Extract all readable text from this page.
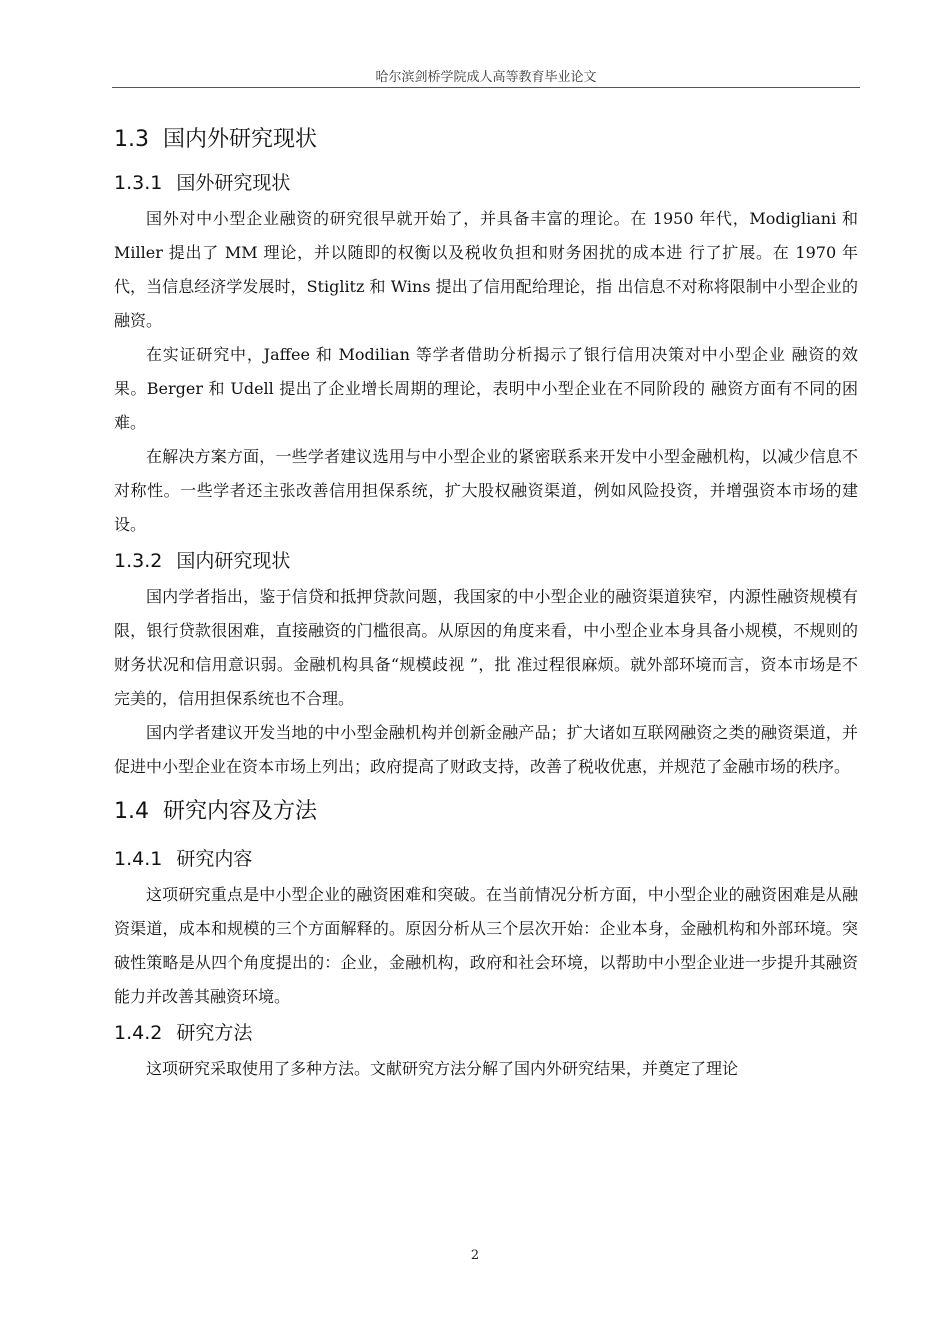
哈尔滨剑桥学院成人高等教育毕业论文
1.3 国内外研究现状
1.3.1 国外研究现状

国外对中小型企业融资的研究很早就开始了，并具备丰富的理论。在 1950 年代，Modigliani 和 Miller 提出了 MM 理论，并以随即的权衡以及税收负担和财务困扰的成本进 行了扩展。在 1970 年代，当信息经济学发展时，Stiglitz 和 Wins 提出了信用配给理论，指 出信息不对称将限制中小型企业的融资。

在实证研究中，Jaffee 和 Modilian 等学者借助分析揭示了银行信用决策对中小型企业 融资的效果。Berger 和 Udell 提出了企业增长周期的理论，表明中小型企业在不同阶段的 融资方面有不同的困难。

在解决方案方面，一些学者建议选用与中小型企业的紧密联系来开发中小型金融机构，以减少信息不对称性。一些学者还主张改善信用担保系统，扩大股权融资渠道，例如风险投资，并增强资本市场的建设。

1.3.2 国内研究现状

国内学者指出，鉴于信贷和抵押贷款问题，我国家的中小型企业的融资渠道狭窄，内源性融资规模有限，银行贷款很困难，直接融资的门槛很高。从原因的角度来看，中小型企业本身具备小规模，不规则的财务状况和信用意识弱。金融机构具备“规模歧视 ”，批 准过程很麻烦。就外部环境而言，资本市场是不完美的，信用担保系统也不合理。

国内学者建议开发当地的中小型金融机构并创新金融产品；扩大诸如互联网融资之类的融资渠道，并促进中小型企业在资本市场上列出；政府提高了财政支持，改善了税收优惠，并规范了金融市场的秩序。

1.4 研究内容及方法
1.4.1 研究内容

这项研究重点是中小型企业的融资困难和突破。在当前情况分析方面，中小型企业的融资困难是从融资渠道，成本和规模的三个方面解释的。原因分析从三个层次开始：企业本身，金融机构和外部环境。突破性策略是从四个角度提出的：企业，金融机构，政府和社会环境，以帮助中小型企业进一步提升其融资能力并改善其融资环境。

1.4.2 研究方法

这项研究采取使用了多种方法。文献研究方法分解了国内外研究结果，并奠定了理论

2
